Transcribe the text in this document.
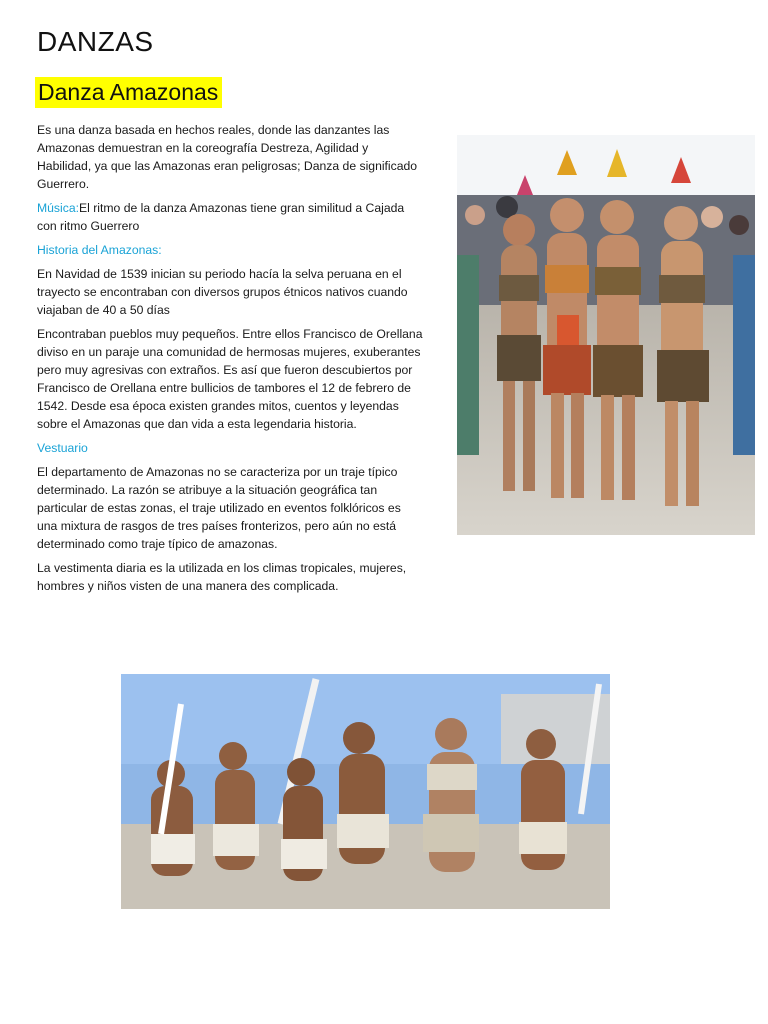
DANZAS
Danza Amazonas

Es una danza basada en hechos reales, donde las danzantes las Amazonas demuestran en la coreografía Destreza, Agilidad y Habilidad, ya que las Amazonas eran peligrosas; Danza de significado Guerrero.

Música:El ritmo de la danza Amazonas tiene gran similitud a Cajada con ritmo Guerrero

Historia del Amazonas:

En Navidad de 1539 inician su periodo hacía la selva peruana en el trayecto se encontraban con diversos grupos étnicos nativos cuando viajaban de 40 a 50 días

Encontraban pueblos muy pequeños. Entre ellos Francisco de Orellana diviso en un paraje una comunidad de hermosas mujeres, exuberantes pero muy agresivas con extraños. Es así que fueron descubiertos por Francisco de Orellana entre bullicios de tambores el 12 de febrero de 1542. Desde esa época existen grandes mitos, cuentos y leyendas sobre el Amazonas que dan vida a esta legendaria historia.

Vestuario

El departamento de Amazonas no se caracteriza por un traje típico determinado. La razón se atribuye a la situación geográfica tan particular de estas zonas, el traje utilizado en eventos folklóricos es una mixtura de rasgos de tres países fronterizos, pero aún no está determinado como traje típico de amazonas.

La vestimenta diaria es la utilizada en los climas tropicales, mujeres, hombres y niños visten de una manera des complicada.
